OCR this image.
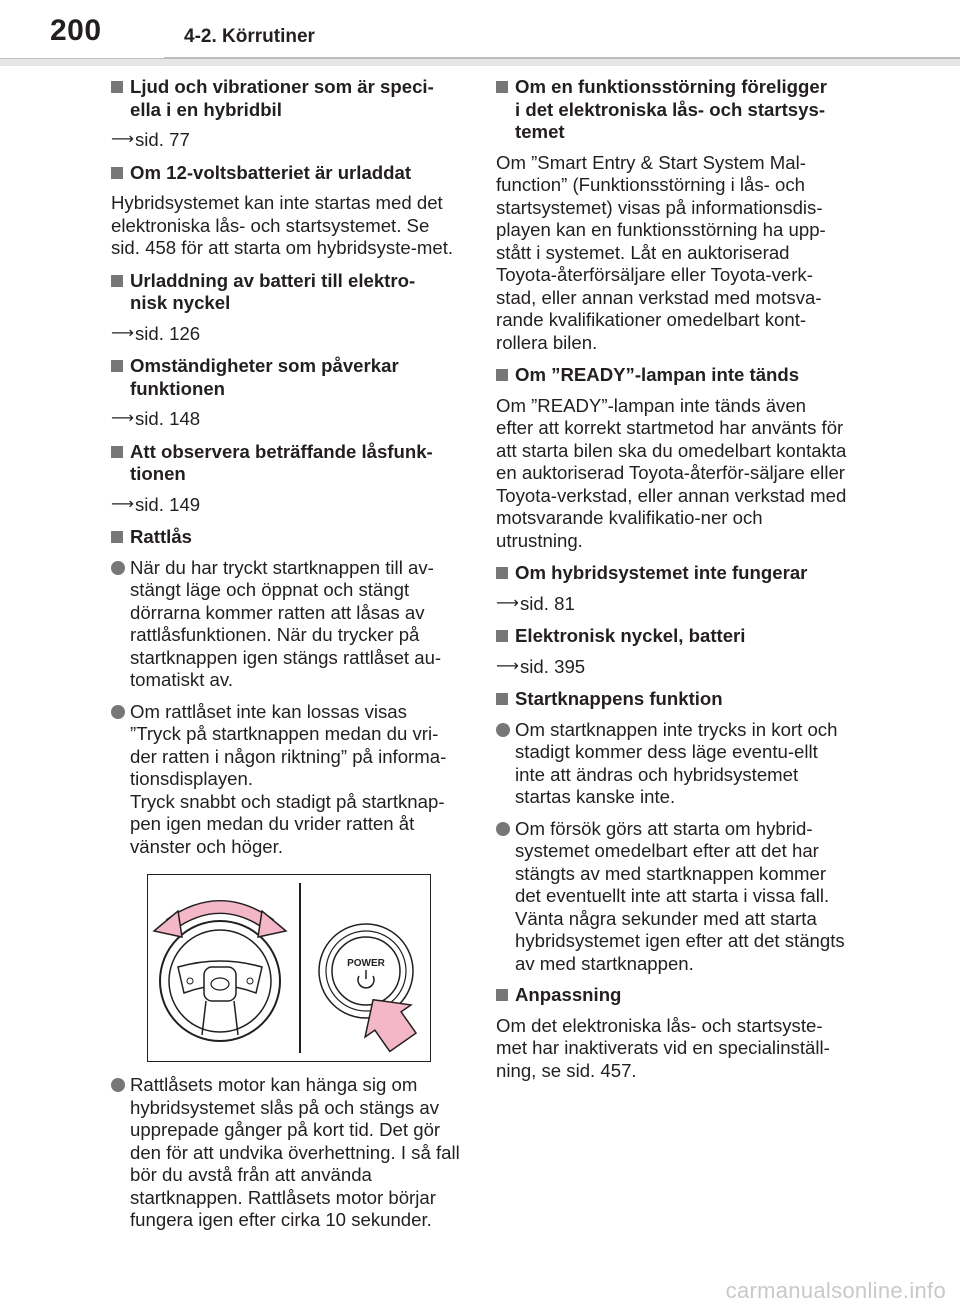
200	4-2. Körrutiner
Ljud och vibrationer som är speci-
ella i en hybridbil
⟶ sid. 77
Om 12-voltsbatteriet är urladdat
Hybridsystemet kan inte startas med det elektroniska lås- och startsystemet. Se sid. 458 för att starta om hybridsyste-met.
Urladdning av batteri till elektro-
nisk nyckel
⟶ sid. 126
Omständigheter som påverkar
funktionen
⟶ sid. 148
Att observera beträffande låsfunk-
tionen
⟶ sid. 149
Rattlås
När du har tryckt startknappen till av-stängt läge och öppnat och stängt dörrarna kommer ratten att låsas av rattlåsfunktionen. När du trycker på startknappen igen stängs rattlåset au-tomatiskt av.
Om rattlåset inte kan lossas visas ”Tryck på startknappen medan du vri-der ratten i någon riktning” på informa-tionsdisplayen.
Tryck snabbt och stadigt på startknap-pen igen medan du vrider ratten åt vänster och höger.
POWER
Rattlåsets motor kan hänga sig om hybridsystemet slås på och stängs av upprepade gånger på kort tid. Det gör den för att undvika överhettning. I så fall bör du avstå från att använda startknappen. Rattlåsets motor börjar fungera igen efter cirka 10 sekunder.
Om en funktionsstörning föreligger
i det elektroniska lås- och startsys-
temet
Om ”Smart Entry & Start System Mal-function” (Funktionsstörning i lås- och startsystemet) visas på informationsdis-playen kan en funktionsstörning ha upp-stått i systemet. Låt en auktoriserad Toyota-återförsäljare eller Toyota-verk-stad, eller annan verkstad med motsva-rande kvalifikationer omedelbart kont-rollera bilen.
Om ”READY”-lampan inte tänds
Om ”READY”-lampan inte tänds även efter att korrekt startmetod har använts för att starta bilen ska du omedelbart kontakta en auktoriserad Toyota-återför-säljare eller Toyota-verkstad, eller annan verkstad med motsvarande kvalifikatio-ner och utrustning.
Om hybridsystemet inte fungerar
⟶ sid. 81
Elektronisk nyckel, batteri
⟶ sid. 395
Startknappens funktion
Om startknappen inte trycks in kort och stadigt kommer dess läge eventu-ellt inte att ändras och hybridsystemet startas kanske inte.
Om försök görs att starta om hybrid-systemet omedelbart efter att det har stängts av med startknappen kommer det eventuellt inte att starta i vissa fall. Vänta några sekunder med att starta hybridsystemet igen efter att det stängts av med startknappen.
Anpassning
Om det elektroniska lås- och startsyste-met har inaktiverats vid en specialinställ-ning, se sid. 457.
carmanualsonline.info
